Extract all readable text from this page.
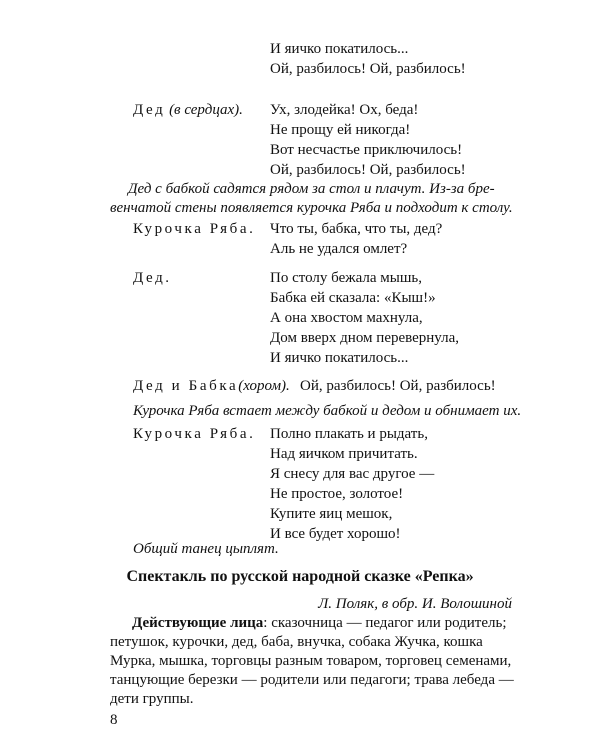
И яичко покатилось...
Ой, разбилось! Ой, разбилось!
Дед (в сердцах). Ух, злодейка! Ох, беда!
Не прощу ей никогда!
Вот несчастье приключилось!
Ой, разбилось! Ой, разбилось!
Дед с бабкой садятся рядом за стол и плачут. Из-за бре-
венчатой стены появляется курочка Ряба и подходит к столу.
Курочка Ряба. Что ты, бабка, что ты, дед?
Аль не удался омлет?
Дед.	По столу бежала мышь,
Бабка ей сказала: «Кыш!»
А она хвостом махнула,
Дом вверх дном перевернула,
И яичко покатилось...
Дед и Бабка(хором). Ой, разбилось! Ой, разбилось!
Курочка Ряба встает между бабкой и дедом и обнимает их.
Курочка Ряба. Полно плакать и рыдать,
Над яичком причитать.
Я снесу для вас другое —
Не простое, золотое!
Купите яиц мешок,
И все будет хорошо!
Общий танец цыплят.
Спектакль по русской народной сказке «Репка»
Л. Поляк, в обр. И. Волошиной
Действующие лица: сказочница — педагог или родитель;
петушок, курочки, дед, баба, внучка, собака Жучка, кошка
Мурка, мышка, торговцы разным товаром, торговец семенами,
танцующие березки — родители или педагоги; трава лебеда —
дети группы.
8
